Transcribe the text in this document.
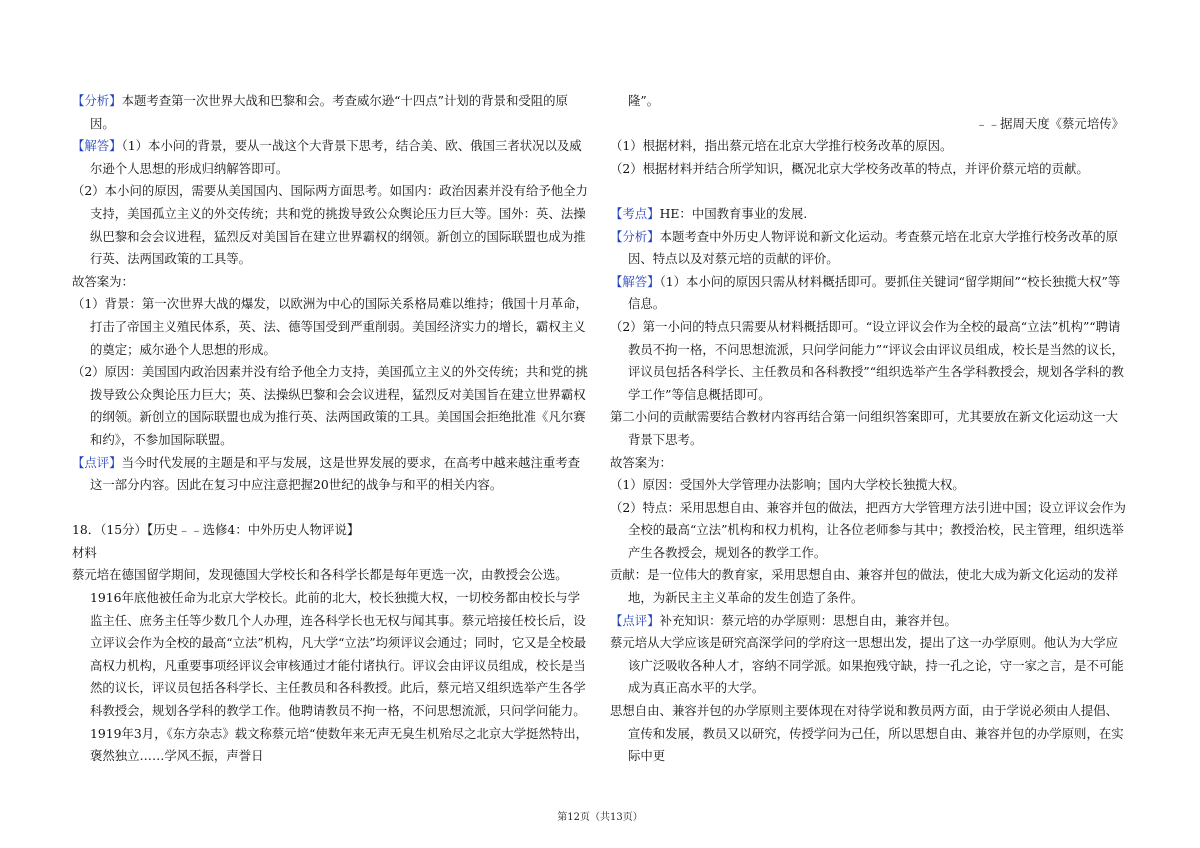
【分析】本题考查第一次世界大战和巴黎和会。考查威尔逊“十四点”计划的背景和受阻的原因。

【解答】（1）本小问的背景，要从一战这个大背景下思考，结合美、欧、俄国三者状况以及威尔逊个人思想的形成归纳解答即可。

（2）本小问的原因，需要从美国国内、国际两方面思考。如国内：政治因素并没有给予他全力支持，美国孤立主义的外交传统；共和党的挑拨导致公众舆论压力巨大等。国外：英、法操纵巴黎和会会议进程，猛烈反对美国旨在建立世界霸权的纲领。新创立的国际联盟也成为推行英、法两国政策的工具等。

故答案为：

（1）背景：第一次世界大战的爆发，以欧洲为中心的国际关系格局难以维持；俄国十月革命，打击了帝国主义殖民体系，英、法、德等国受到严重削弱。美国经济实力的增长，霸权主义的奠定；威尔逊个人思想的形成。

（2）原因：美国国内政治因素并没有给予他全力支持，美国孤立主义的外交传统；共和党的挑拨导致公众舆论压力巨大；英、法操纵巴黎和会会议进程，猛烈反对美国旨在建立世界霸权的纲领。新创立的国际联盟也成为推行英、法两国政策的工具。美国国会拒绝批准《凡尔赛和约》，不参加国际联盟。

【点评】当今时代发展的主题是和平与发展，这是世界发展的要求，在高考中越来越注重考查这一部分内容。因此在复习中应注意把握20世纪的战争与和平的相关内容。

18．（15分）【历史﹣﹣选修4：中外历史人物评说】

材料

蔡元培在德国留学期间，发现德国大学校长和各科学长都是每年更选一次，由教授会公选。1916年底他被任命为北京大学校长。此前的北大，校长独揽大权，一切校务都由校长与学监主任、庶务主任等少数几个人办理，连各科学长也无权与闻其事。蔡元培接任校长后，设立评议会作为全校的最高“立法”机构，凡大学“立法”均须评议会通过；同时，它又是全校最高权力机构，凡重要事项经评议会审核通过才能付诸执行。评议会由评议员组成，校长是当然的议长，评议员包括各科学长、主任教员和各科教授。此后，蔡元培又组织选举产生各学科教授会，规划各学科的教学工作。他聘请教员不拘一格，不问思想流派，只问学问能力。1919年3月，《东方杂志》载文称蔡元培“使数年来无声无臭生机殆尽之北京大学挺然特出，褒然独立……学风丕振，声誉日

隆”。

﹣﹣据周天度《蔡元培传》

（1）根据材料，指出蔡元培在北京大学推行校务改革的原因。

（2）根据材料并结合所学知识，概况北京大学校务改革的特点，并评价蔡元培的贡献。

【考点】HE：中国教育事业的发展.

【分析】本题考查中外历史人物评说和新文化运动。考查蔡元培在北京大学推行校务改革的原因、特点以及对蔡元培的贡献的评价。

【解答】（1）本小问的原因只需从材料概括即可。要抓住关键词“留学期间”“校长独揽大权”等信息。

（2）第一小问的特点只需要从材料概括即可。“设立评议会作为全校的最高“立法”机构”“聘请教员不拘一格，不问思想流派，只问学问能力”“评议会由评议员组成，校长是当然的议长，评议员包括各科学长、主任教员和各科教授”“组织选举产生各学科教授会，规划各学科的教学工作”等信息概括即可。

第二小问的贡献需要结合教材内容再结合第一问组织答案即可，尤其要放在新文化运动这一大背景下思考。

故答案为：

（1）原因：受国外大学管理办法影响；国内大学校长独揽大权。

（2）特点：采用思想自由、兼容并包的做法，把西方大学管理方法引进中国；设立评议会作为全校的最高“立法”机构和权力机构，让各位老师参与其中；教授治校，民主管理，组织选举产生各教授会，规划各的教学工作。

贡献：是一位伟大的教育家，采用思想自由、兼容并包的做法，使北大成为新文化运动的发祥地，为新民主主义革命的发生创造了条件。

【点评】补充知识：蔡元培的办学原则：思想自由，兼容并包。

蔡元培从大学应该是研究高深学问的学府这一思想出发，提出了这一办学原则。他认为大学应该广泛吸收各种人才，容纳不同学派。如果抱残守缺，持一孔之论，守一家之言，是不可能成为真正高水平的大学。

思想自由、兼容并包的办学原则主要体现在对待学说和教员两方面，由于学说必须由人提倡、宣传和发展，教员又以研究，传授学问为己任，所以思想自由、兼容并包的办学原则，在实际中更

第12页（共13页）
